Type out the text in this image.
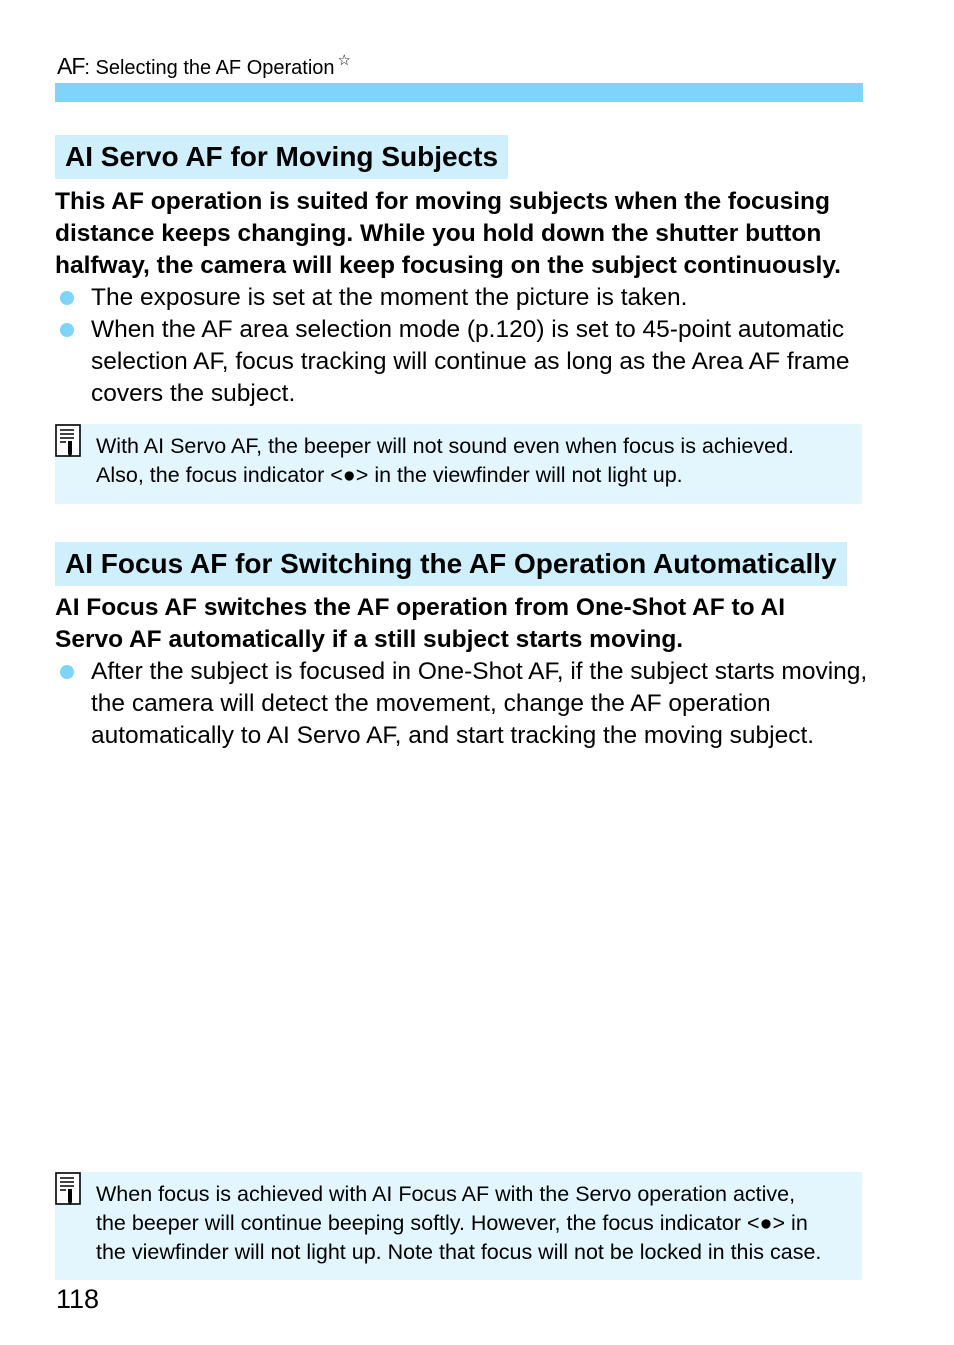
AF: Selecting the AF Operation ☆
AI Servo AF for Moving Subjects

This AF operation is suited for moving subjects when the focusing distance keeps changing. While you hold down the shutter button halfway, the camera will keep focusing on the subject continuously.

The exposure is set at the moment the picture is taken.
When the AF area selection mode (p.120) is set to 45-point automatic selection AF, focus tracking will continue as long as the Area AF frame covers the subject.

With AI Servo AF, the beeper will not sound even when focus is achieved.
Also, the focus indicator <●> in the viewfinder will not light up.

AI Focus AF for Switching the AF Operation Automatically

AI Focus AF switches the AF operation from One-Shot AF to AI Servo AF automatically if a still subject starts moving.

After the subject is focused in One-Shot AF, if the subject starts moving, the camera will detect the movement, change the AF operation automatically to AI Servo AF, and start tracking the moving subject.

When focus is achieved with AI Focus AF with the Servo operation active,
the beeper will continue beeping softly. However, the focus indicator <●> in
the viewfinder will not light up. Note that focus will not be locked in this case.

118
